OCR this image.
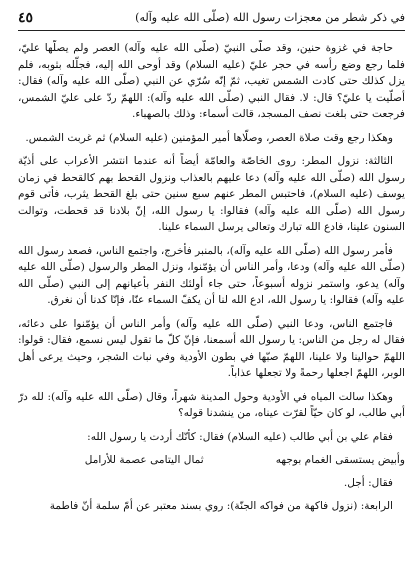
٤٥	في ذكر شطر من معجزات رسول الله (صلّى الله عليه وآله)

حاجة في غزوة حنين، وقد صلّى النبيّ (صلّى الله عليه وآله) العصر ولم يصلّها عليّ، فلما رجع وضع رأسه في حجر عليّ (عليه السلام) وقد أوحى الله إليه، فجلّله بثوبه، فلم يزل كذلك حتى كادت الشمس تغيب، ثمّ إنّه سُرّي عن النبي (صلّى الله عليه وآله) فقال: أصلّيت يا عليّ؟ قال: لا. فقال النبي (صلّى الله عليه وآله): اللهمّ ردّ على عليّ الشمس، فرجعت حتى بلغت نصف المسجد، قالت أسماء: وذلك بالصهباء.

وهكذا رجع وقت صلاة العصر، وصلّاها أمير المؤمنين (عليه السلام) ثم غربت الشمس.

الثالثة: نزول المطر: روى الخاصّة والعامّة أيضاً أنه عندما انتشر الأعراب على أذيّة رسول الله (صلّى الله عليه وآله) دعا عليهم بالعذاب ونزول القحط بهم كالقحط في زمان يوسف (عليه السلام)، فاحتبس المطر عنهم سبع سنين حتى بلغ القحط يثرب، فأتى قوم رسول الله (صلّى الله عليه وآله) فقالوا: يا رسول الله، إنّ بلادنا قد قحطت، وتوالت السنون علينا، فادع الله تبارك وتعالى يرسل السماء علينا.

فأمر رسول الله (صلّى الله عليه وآله)، بالمنبر فأخرج، واجتمع الناس، فصعد رسول الله (صلّى الله عليه وآله) ودعا، وأمر الناس أن يؤمّنوا، ونزل المطر والرسول (صلّى الله عليه وآله) يدعو، واستمر نزوله أسبوعاً، حتى جاء أولئك النفر بأعيانهم إلى النبي (صلّى الله عليه وآله) فقالوا: يا رسول الله، ادع الله لنا أن يكفّ السماء عنّا، فإنّا كدنا أن نغرق.

فاجتمع الناس، ودعا النبي (صلّى الله عليه وآله) وأمر الناس أن يؤمّنوا على دعائه، فقال له رجل من الناس: يا رسول الله أسمعنا، فإنّ كلّ ما تقول ليس نسمع، فقال: قولوا: اللهمّ حوالينا ولا علينا، اللهمّ صبّها في بطون الأودية وفي نبات الشجر، وحيث يرعى أهل الوبر، اللهمّ اجعلها رحمةً ولا تجعلها عذاباً.

وهكذا سالت المياه في الأودية وحول المدينة شهراً، وقال (صلّى الله عليه وآله): لله درّ أبي طالب، لو كان حيّاً لقرّت عيناه، من ينشدنا قوله؟

فقام علي بن أبي طالب (عليه السلام) فقال: كأنّك أردت يا رسول الله:

وأبيض يستسقى الغمام بوجهه
ثمال اليتامى عصمة للأرامل

فقال: أجل.

الرابعة: (نزول فاكهة من فواكه الجنّة): روي بسند معتبر عن أمّ سلمة أنّ فاطمة
